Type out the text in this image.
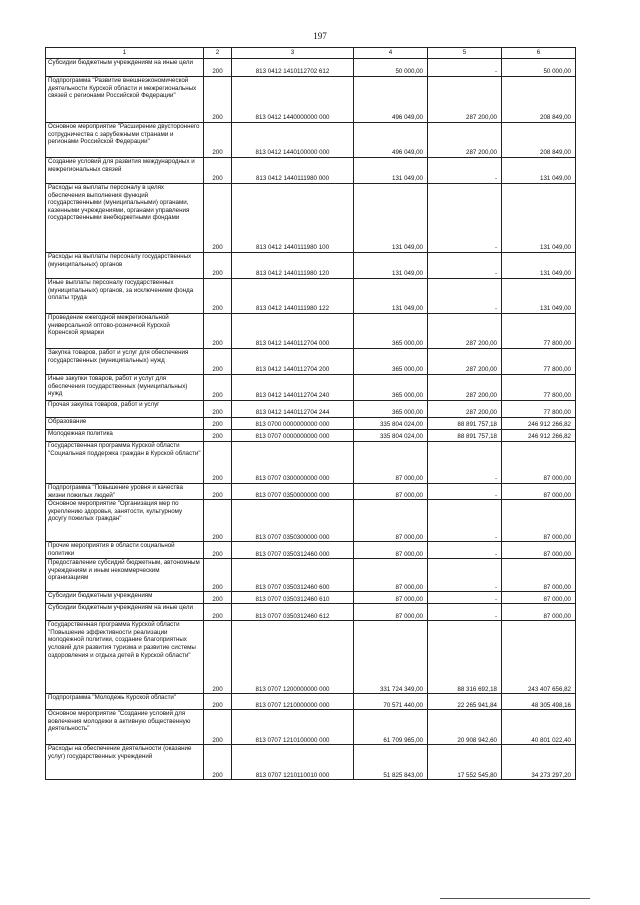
197
1	2	3	4	5	6
Субсидии бюджетным учреждениям на иные цели	200	813 0412 1410112702 612	50 000,00	-	50 000,00
Подпрограмма "Развитие внешнеэкономической деятельности Курской области и межрегиональных связей с регионами Российской Федерации"	200	813 0412 1440000000 000	496 049,00	287 200,00	208 849,00
Основное мероприятие "Расширение двустороннего сотрудничества с зарубежными странами и регионами Российской Федерации"	200	813 0412 1440100000 000	496 049,00	287 200,00	208 849,00
Создание условий для развития международных и межрегиональных связей	200	813 0412 1440111980 000	131 049,00	-	131 049,00
Расходы на выплаты персоналу в целях обеспечения выполнения функций государственными (муниципальными) органами, казенными учреждениями, органами управления государственными внебюджетными фондами	200	813 0412 1440111980 100	131 049,00	-	131 049,00
Расходы на выплаты персоналу государственных (муниципальных) органов	200	813 0412 1440111980 120	131 049,00	-	131 049,00
Иные выплаты персоналу государственных (муниципальных) органов, за исключением фонда оплаты труда	200	813 0412 1440111980 122	131 049,00	-	131 049,00
Проведение ежегодной межрегиональной универсальной оптово-розничной Курской Коренской ярмарки	200	813 0412 1440112704 000	365 000,00	287 200,00	77 800,00
Закупка товаров, работ и услуг для обеспечения государственных (муниципальных) нужд	200	813 0412 1440112704 200	365 000,00	287 200,00	77 800,00
Иные закупки товаров, работ и услуг для обеспечения государственных (муниципальных) нужд	200	813 0412 1440112704 240	365 000,00	287 200,00	77 800,00
Прочая закупка товаров, работ и услуг	200	813 0412 1440112704 244	365 000,00	287 200,00	77 800,00
Образование	200	813 0700 0000000000 000	335 804 024,00	88 891 757,18	246 912 266,82
Молодежная политика	200	813 0707 0000000000 000	335 804 024,00	88 891 757,18	246 912 266,82
Государственная программа Курской области "Социальная поддержка граждан в Курской области"	200	813 0707 0300000000 000	87 000,00	-	87 000,00
Подпрограмма "Повышение уровня и качества жизни пожилых людей"	200	813 0707 0350000000 000	87 000,00	-	87 000,00
Основное мероприятие "Организация мер по укреплению здоровья, занятости, культурному досугу пожилых граждан"	200	813 0707 0350300000 000	87 000,00	-	87 000,00
Прочие мероприятия в области социальной политики	200	813 0707 0350312460 000	87 000,00	-	87 000,00
Предоставление субсидий бюджетным, автономным учреждениям и иным некоммерческим организациям	200	813 0707 0350312460 600	87 000,00	-	87 000,00
Субсидии бюджетным учреждениям	200	813 0707 0350312460 610	87 000,00	-	87 000,00
Субсидии бюджетным учреждениям на иные цели	200	813 0707 0350312460 612	87 000,00	-	87 000,00
Государственная программа Курской области "Повышение эффективности реализации молодежной политики, создание благоприятных условий для развития туризма и развитие системы оздоровления и отдыха детей в Курской области"	200	813 0707 1200000000 000	331 724 349,00	88 316 692,18	243 407 656,82
Подпрограмма "Молодежь Курской области"	200	813 0707 1210000000 000	70 571 440,00	22 265 941,84	48 305 498,16
Основное мероприятие "Создание условий для вовлечения молодежи в активную общественную деятельность"	200	813 0707 1210100000 000	61 709 965,00	20 908 942,60	40 801 022,40
Расходы на обеспечение деятельности (оказание услуг) государственных учреждений	200	813 0707 1210110010 000	51 825 843,00	17 552 545,80	34 273 297,20
